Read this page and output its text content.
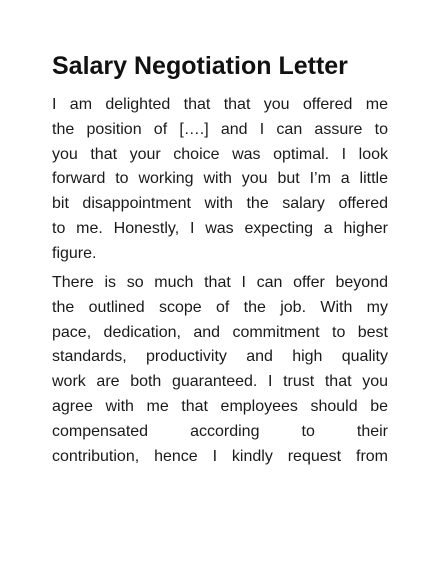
Salary Negotiation Letter

I am delighted that that you offered me
the position of [….] and I can assure to
you that your choice was optimal. I look
forward to working with you but I’m a little
bit disappointment with the salary offered
to me. Honestly, I was expecting a higher
figure.

There is so much that I can offer beyond
the outlined scope of the job. With my
pace, dedication, and commitment to best
standards, productivity and high quality
work are both guaranteed. I trust that you
agree with me that employees should be
compensated according to their
contribution, hence I kindly request from
